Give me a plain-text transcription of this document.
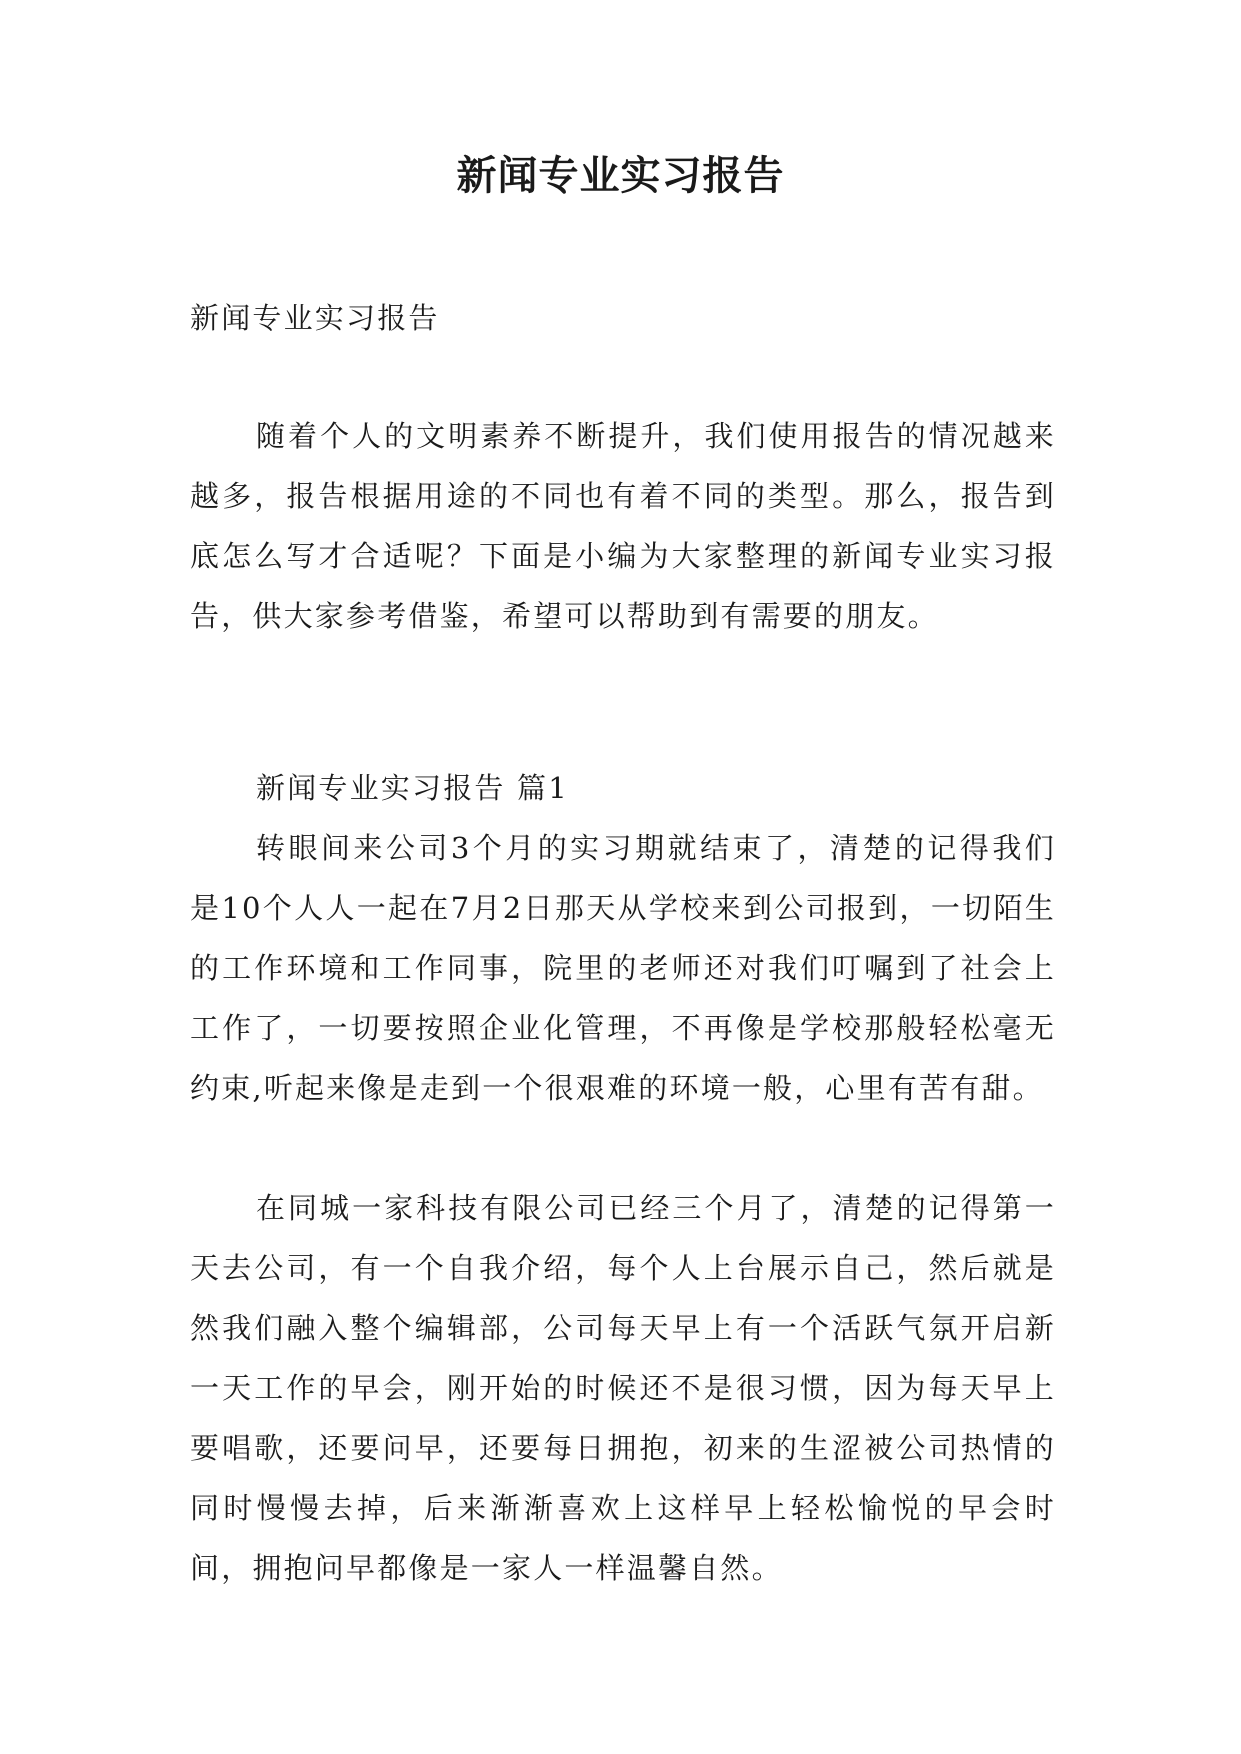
新闻专业实习报告

新闻专业实习报告

随着个人的文明素养不断提升，我们使用报告的情况越来越多，报告根据用途的不同也有着不同的类型。那么，报告到底怎么写才合适呢？下面是小编为大家整理的新闻专业实习报告，供大家参考借鉴，希望可以帮助到有需要的朋友。

新闻专业实习报告 篇1

转眼间来公司3个月的实习期就结束了，清楚的记得我们是10个人人一起在7月2日那天从学校来到公司报到，一切陌生的工作环境和工作同事，院里的老师还对我们叮嘱到了社会上工作了，一切要按照企业化管理，不再像是学校那般轻松毫无约束,听起来像是走到一个很艰难的环境一般，心里有苦有甜。

在同城一家科技有限公司已经三个月了，清楚的记得第一天去公司，有一个自我介绍，每个人上台展示自己，然后就是然我们融入整个编辑部，公司每天早上有一个活跃气氛开启新一天工作的早会，刚开始的时候还不是很习惯，因为每天早上要唱歌，还要问早，还要每日拥抱，初来的生涩被公司热情的同时慢慢去掉，后来渐渐喜欢上这样早上轻松愉悦的早会时间，拥抱问早都像是一家人一样温馨自然。
